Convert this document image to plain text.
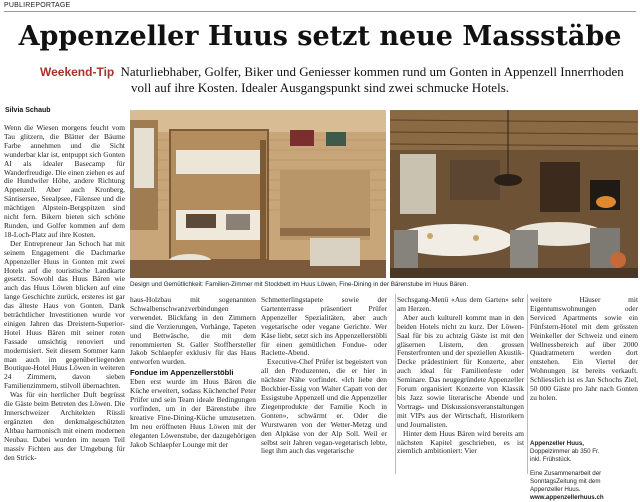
PUBLIREPORTAGE
Appenzeller Huus setzt neue Massstäbe
Weekend-Tip Naturliebhaber, Golfer, Biker und Geniesser kommen rund um Gonten in Appenzell Innerrhoden
voll auf ihre Kosten. Idealer Ausgangspunkt sind zwei schmucke Hotels.
Silvia Schaub

Wenn die Wiesen morgens feucht vom Tau glitzern, die Blätter der Bäume Farbe annehmen und die Sicht wunderbar klar ist, entpuppt sich Gonten AI als idealer Basecamp für Wanderfreudige. Die einen ziehen es auf die Hundwiler Höhe, andere Richtung Appenzell. Aber auch Kronberg, Säntisersee, Seealpsee, Fälensee und die mächtigen Alpstein-Bergspitzen sind nicht fern. Bikern bieten sich schöne Runden, und Golfer kommen auf dem 18-Loch-Platz auf ihre Kosten.

Der Entrepreneur Jan Schoch hat mit seinem Engagement die Dachmarke Appenzeller Huus in Gonten mit zwei Hotels auf die touristische Landkarte gesetzt. Sowohl das Huus Bären wie auch das Huus Löwen blicken auf eine lange Geschichte zurück, ersteres ist gar das älteste Haus von Gonten. Dank beträchtlicher Investitionen wurde vor einigen Jahren das Dreistern-Superior-Hotel Huus Bären mit seiner roten Fassade umsichtig renoviert und modernisiert. Seit diesem Sommer kann man auch im gegenüberliegenden Boutique-Hotel Huus Löwen in weiteren 24 Zimmern, davon sieben Familienzimmern, stilvoll übernachten.

Was für ein herrlicher Duft begrüsst die Gäste beim Betreten des Löwen. Die Innerschweizer Architekten Rüssli ergänzten den denkmalgeschützten Altbau harmonisch mit einem modernen Neubau. Dabei wurden im neuen Teil massiv Fichten aus der Umgebung für den Strick-

Design und Gemütlichkeit: Familien-Zimmer mit Stockbett im Huus Löwen, Fine-Dining in der Bärenstube im Huus Bären.

haus-Holzbau mit sogenannten Schwalbenschwanzverbindungen verwendet. Blickfang in den Zimmern sind die Verzierungen, Vorhänge, Tapeten und Bettwäsche, die mit dem renommierten St. Galler Stoffhersteller Jakob Schlaepfer exklusiv für das Haus entworfen wurden.

Fondue im Appenzellerstöbli

Eben erst wurde im Huus Bären die Küche erweitert, sodass Küchenchef Peter Prüfer und sein Team ideale Bedingungen vorfinden, um in der Bärenstube ihre kreative Fine-Dining-Küche umzusetzen. Im neu eröffneten Huus Löwen mit der eleganten Löwenstube, der dazugehörigen Jakob Schlaepfer Lounge mit der

Schmetterlingstapete sowie der Gartenterrasse präsentiert Prüfer Appenzeller Spezialitäten, aber auch vegetarische oder vegane Gerichte. Wer Käse liebt, setzt sich ins Appenzellerstöbli für einen gemütlichen Fondue- oder Raclette-Abend.

Executive-Chef Prüfer ist begeistert von all den Produzenten, die er hier in nächster Nähe vorfindet. «Ich liebe den Bockbier-Essig von Walter Capatt von der Essigstube Appenzell und die Appenzeller Ziegenprodukte der Familie Koch in Gonten», schwärmt er. Oder die Wurstwaren von der Wetter-Metzg und den Alpkäse von der Alp Soll. Weil er selbst seit Jahren vegan-vegetarisch lebte, liegt ihm auch das vegetarische

Sechsgang-Menü «Aus dem Garten» sehr am Herzen.

Aber auch kulturell kommt man in den beiden Hotels nicht zu kurz. Der Löwen-Saal für bis zu achtzig Gäste ist mit den gläsernen Lüstern, den grossen Fensterfronten und der speziellen Akustik-Decke prädestiniert für Konzerte, aber auch ideal für Familienfeste oder Seminare. Das neugegründete Appenzeller Forum organisiert Konzerte von Klassik bis Jazz sowie literarische Abende und Vortrags- und Diskussionsveranstaltungen mit VIPs aus der Wirtschaft, Historikern und Journalisten.

Hinter dem Huus Bären wird bereits am nächsten Kapitel geschrieben, es ist ziemlich ambitioniert: Vier

weitere Häuser mit Eigentumswohnungen oder Serviced Apartments sowie ein Fünfstern-Hotel mit dem grössten Weinkeller der Schweiz und einem Wellnessbereich auf über 2000 Quadratmetern werden dort entstehen. Ein Viertel der Wohnungen ist bereits verkauft. Schliesslich ist es Jan Schochs Ziel, 50 000 Gäste pro Jahr nach Gonten zu holen.

Appenzeller Huus,
Doppelzimmer ab 350 Fr.
inkl. Frühstück.
Eine Zusammenarbeit der
SonntagsZeitung mit dem
Appenzeller Huus.
www.appenzellerhuus.ch
